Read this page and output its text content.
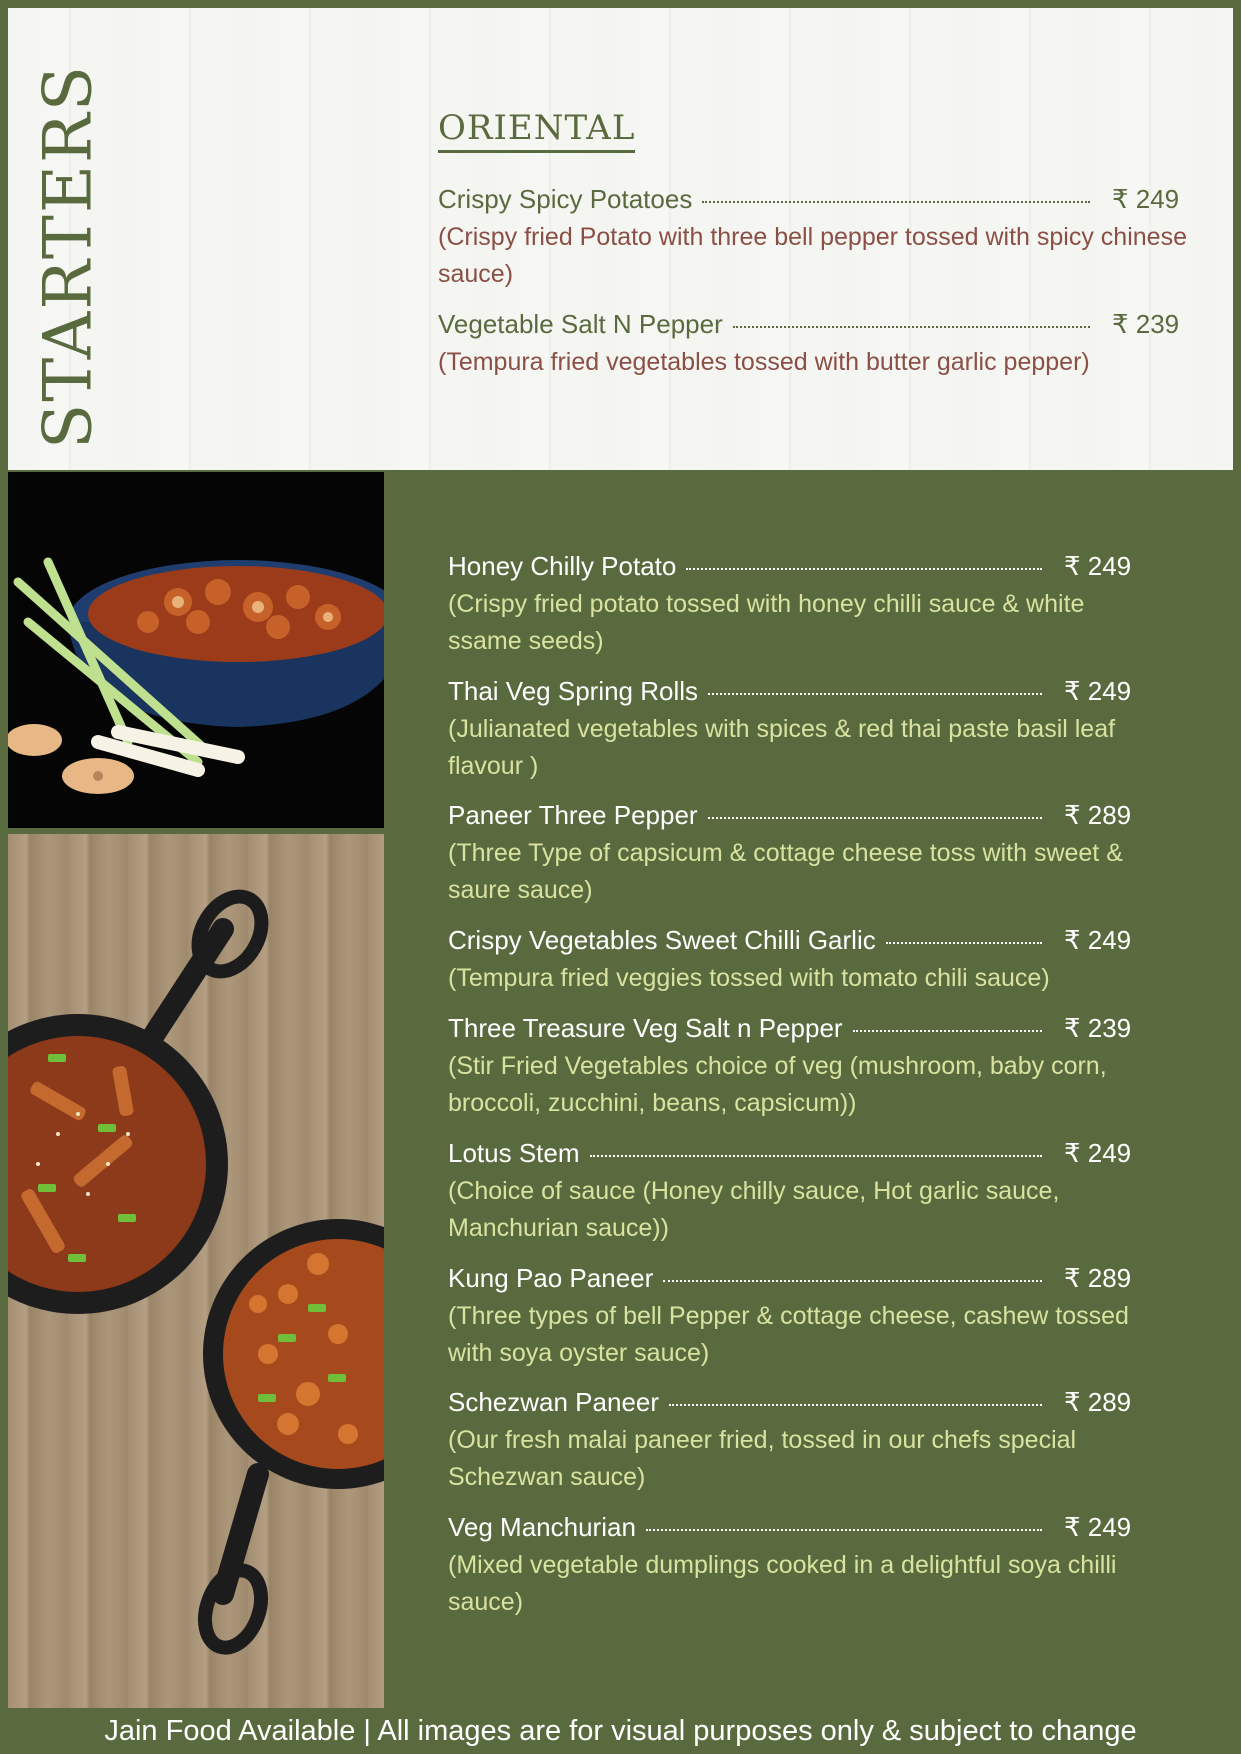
STARTERS	ORIENTAL
Crispy Spicy Potatoes	₹ 249
(Crispy fried Potato with three bell pepper tossed with spicy chinese sauce)
Vegetable Salt N Pepper	₹ 239
(Tempura fried vegetables tossed with butter garlic pepper)
Honey Chilly Potato	₹ 249
(Crispy fried potato tossed with honey chilli sauce & white ssame seeds)
Thai Veg Spring Rolls	₹ 249
(Julianated vegetables with spices & red thai paste basil leaf flavour )
Paneer Three Pepper	₹ 289
(Three Type of capsicum & cottage cheese toss with sweet & saure sauce)
Crispy Vegetables Sweet Chilli Garlic	₹ 249
(Tempura fried veggies tossed with tomato chili sauce)
Three Treasure Veg Salt n Pepper	₹ 239
(Stir Fried Vegetables choice of veg (mushroom, baby corn, broccoli, zucchini, beans, capsicum))
Lotus Stem	₹ 249
(Choice of sauce (Honey chilly sauce, Hot garlic sauce, Manchurian sauce))
Kung Pao Paneer	₹ 289
(Three types of bell Pepper & cottage cheese, cashew tossed with soya oyster sauce)
Schezwan Paneer	₹ 289
(Our fresh malai paneer fried, tossed in our chefs special Schezwan sauce)
Veg Manchurian	₹ 249
(Mixed vegetable dumplings cooked in a delightful soya chilli sauce)
Jain Food Available | All images are for visual purposes only & subject to change
